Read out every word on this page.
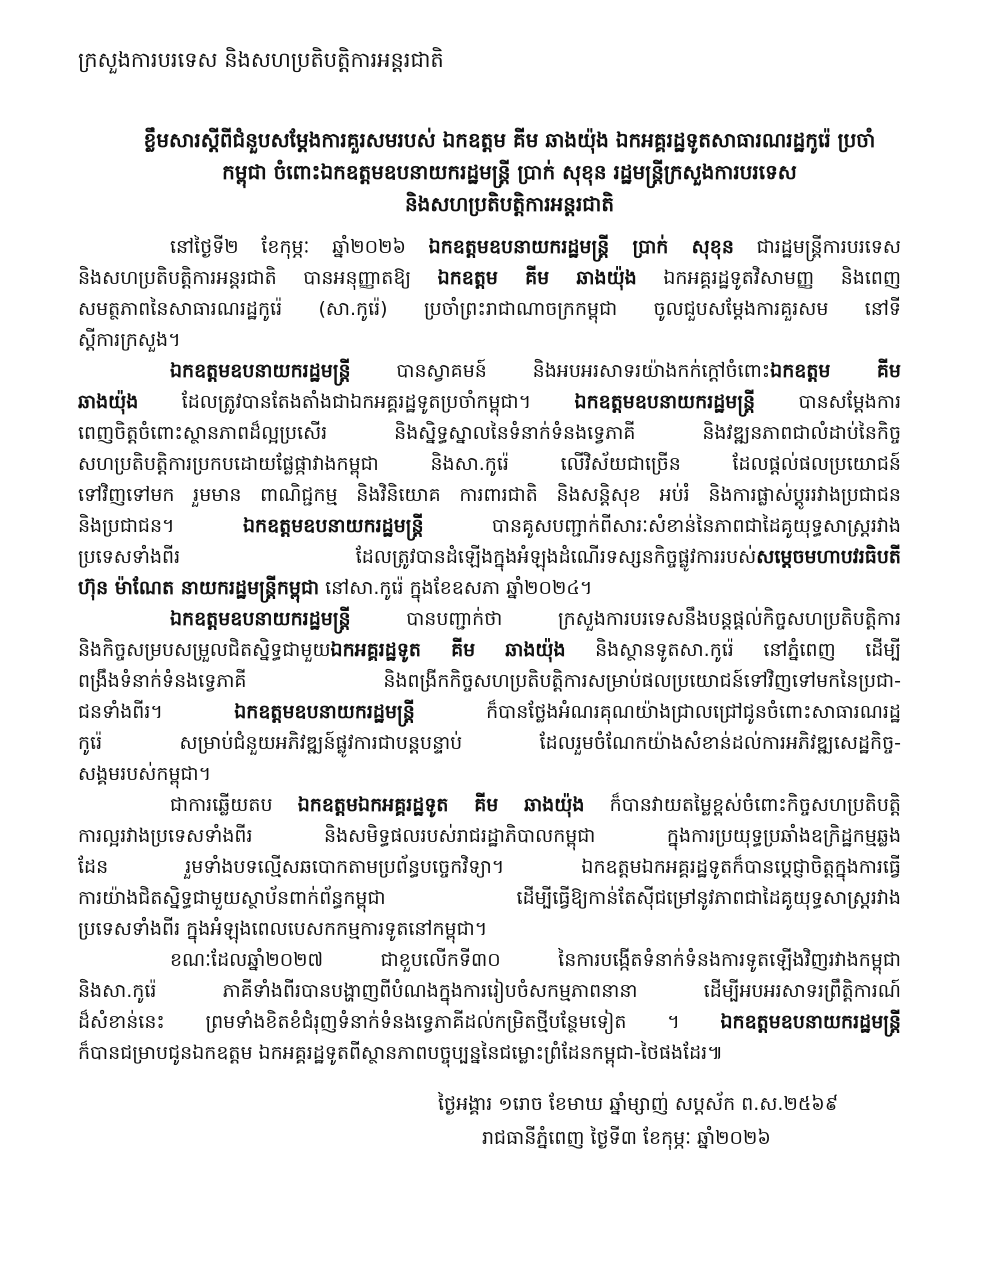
ក្រសួងការបរទេស និងសហប្រតិបត្តិការអន្តរជាតិ
ខ្លឹមសារស្ដីពីជំនួបសម្ដែងការគួរសមរបស់ ឯកឧត្តម គីម ឆាងយ៉ុង ឯកអគ្គរដ្ឋទូតសាធារណរដ្ឋកូរ៉េ ប្រចាំ
កម្ពុជា ចំពោះឯកឧត្តមឧបនាយករដ្ឋមន្ត្រី ប្រាក់ សុខុន រដ្ឋមន្ត្រីក្រសួងការបរទេស
និងសហប្រតិបត្តិការអន្តរជាតិ
នៅថ្ងៃទី២ ខែកុម្ភៈ ឆ្នាំ២០២៦ ឯកឧត្តមឧបនាយករដ្ឋមន្ត្រី ប្រាក់ សុខុន ជារដ្ឋមន្ត្រីការបរទេស
និងសហប្រតិបត្តិការអន្តរជាតិ បានអនុញ្ញាតឱ្យ ឯកឧត្តម គីម ឆាងយ៉ុង ឯកអគ្គរដ្ឋទូតវិសាមញ្ញ និងពេញ
សមត្ថភាពនៃសាធារណរដ្ឋកូរ៉េ (សា.កូរ៉េ) ប្រចាំព្រះរាជាណាចក្រកម្ពុជា ចូលជួបសម្ដែងការគួរសម នៅទី
ស្ដីការក្រសួង។
ឯកឧត្តមឧបនាយករដ្ឋមន្ត្រី បានស្វាគមន៍ និងអបអរសាទរយ៉ាងកក់ក្ដៅចំពោះឯកឧត្តម គីម
ឆាងយ៉ុង ដែលត្រូវបានតែងតាំងជាឯកអគ្គរដ្ឋទូតប្រចាំកម្ពុជា។ ឯកឧត្តមឧបនាយករដ្ឋមន្ត្រី បានសម្ដែងការ
ពេញចិត្តចំពោះស្ថានភាពដ៏ល្អប្រសើរ និងស្និទ្ធស្នាលនៃទំនាក់ទំនងទ្វេភាគី និងវឌ្ឍនភាពជាលំដាប់នៃកិច្ច
សហប្រតិបត្តិការប្រកបដោយផ្លែផ្កាវាងកម្ពុជា និងសា.កូរ៉េ លើវិស័យជាច្រើន ដែលផ្ដល់ផលប្រយោជន៍
ទៅវិញទៅមក រួមមាន ពាណិជ្ជកម្ម និងវិនិយោគ ការពារជាតិ និងសន្តិសុខ អប់រំ និងការផ្លាស់ប្ដូររវាងប្រជាជន
និងប្រជាជន។ ឯកឧត្តមឧបនាយករដ្ឋមន្ត្រី បានគូសបញ្ជាក់ពីសារៈសំខាន់នៃភាពជាដៃគូយុទ្ធសាស្ត្ររវាង
ប្រទេសទាំងពីរ ដែលត្រូវបានដំឡើងក្នុងអំឡុងដំណើរទស្សនកិច្ចផ្លូវការរបស់សម្ដេចមហាបវរធិបតី
ហ៊ុន ម៉ាណែត នាយករដ្ឋមន្ត្រីកម្ពុជា នៅសា.កូរ៉េ ក្នុងខែឧសភា ឆ្នាំ២០២៤។
ឯកឧត្តមឧបនាយករដ្ឋមន្ត្រី បានបញ្ជាក់ថា ក្រសួងការបរទេសនឹងបន្តផ្ដល់កិច្ចសហប្រតិបត្តិការ
និងកិច្ចសម្របសម្រួលជិតស្និទ្ធជាមួយឯកអគ្គរដ្ឋទូត គីម ឆាងយ៉ុង និងស្ថានទូតសា.កូរ៉េ នៅភ្នំពេញ ដើម្បី
ពង្រឹងទំនាក់ទំនងទ្វេភាគី និងពង្រីកកិច្ចសហប្រតិបត្តិការសម្រាប់ផលប្រយោជន៍ទៅវិញទៅមកនៃប្រជា-
ជនទាំងពីរ។ ឯកឧត្តមឧបនាយករដ្ឋមន្ត្រី ក៏បានថ្លែងអំណរគុណយ៉ាងជ្រាលជ្រៅជូនចំពោះសាធារណរដ្ឋ
កូរ៉េ សម្រាប់ជំនួយអភិវឌ្ឍន៍ផ្លូវការជាបន្តបន្ទាប់ ដែលរួមចំណែកយ៉ាងសំខាន់ដល់ការអភិវឌ្ឍសេដ្ឋកិច្ច-
សង្គមរបស់កម្ពុជា។
ជាការឆ្លើយតប ឯកឧត្តមឯកអគ្គរដ្ឋទូត គីម ឆាងយ៉ុង ក៏បានវាយតម្លៃខ្ពស់ចំពោះកិច្ចសហប្រតិបត្តិ
ការល្អរវាងប្រទេសទាំងពីរ និងសមិទ្ធផលរបស់រាជរដ្ឋាភិបាលកម្ពុជា ក្នុងការប្រយុទ្ធប្រឆាំងឧក្រិដ្ឋកម្មឆ្លង
ដែន រួមទាំងបទល្មើសឆបោកតាមប្រព័ន្ធបច្ចេកវិទ្យា។ ឯកឧត្តមឯកអគ្គរដ្ឋទូតក៏បានប្ដេជ្ញាចិត្តក្នុងការធ្វើ
ការយ៉ាងជិតស្និទ្ធជាមួយស្ថាប័នពាក់ព័ន្ធកម្ពុជា ដើម្បីធ្វើឱ្យកាន់តែស៊ីជម្រៅនូវភាពជាដៃគូយុទ្ធសាស្ត្ររវាង
ប្រទេសទាំងពីរ ក្នុងអំឡុងពេលបេសកកម្មការទូតនៅកម្ពុជា។
ខណៈដែលឆ្នាំ២០២៧ ជាខួបលើកទី៣០ នៃការបង្កើតទំនាក់ទំនងការទូតឡើងវិញរវាងកម្ពុជា
និងសា.កូរ៉េ ភាគីទាំងពីរបានបង្ហាញពីបំណងក្នុងការរៀបចំសកម្មភាពនានា ដើម្បីអបអរសាទរព្រឹត្តិការណ៍
ដ៏សំខាន់នេះ ព្រមទាំងខិតខំជំរុញទំនាក់ទំនងទ្វេភាគីដល់កម្រិតថ្មីបន្ថែមទៀត ។ ឯកឧត្តមឧបនាយករដ្ឋមន្ត្រី
ក៏បានជម្រាបជូនឯកឧត្តម ឯកអគ្គរដ្ឋទូតពីស្ថានភាពបច្ចុប្បន្ននៃជម្លោះព្រំដែនកម្ពុជា-ថៃផងដែរ៕
ថ្ងៃអង្គារ ១រោច ខែមាឃ ឆ្នាំម្សាញ់ សប្តស័ក ព.ស.២៥៦៩
រាជធានីភ្នំពេញ ថ្ងៃទី៣ ខែកុម្ភៈ ឆ្នាំ២០២៦
